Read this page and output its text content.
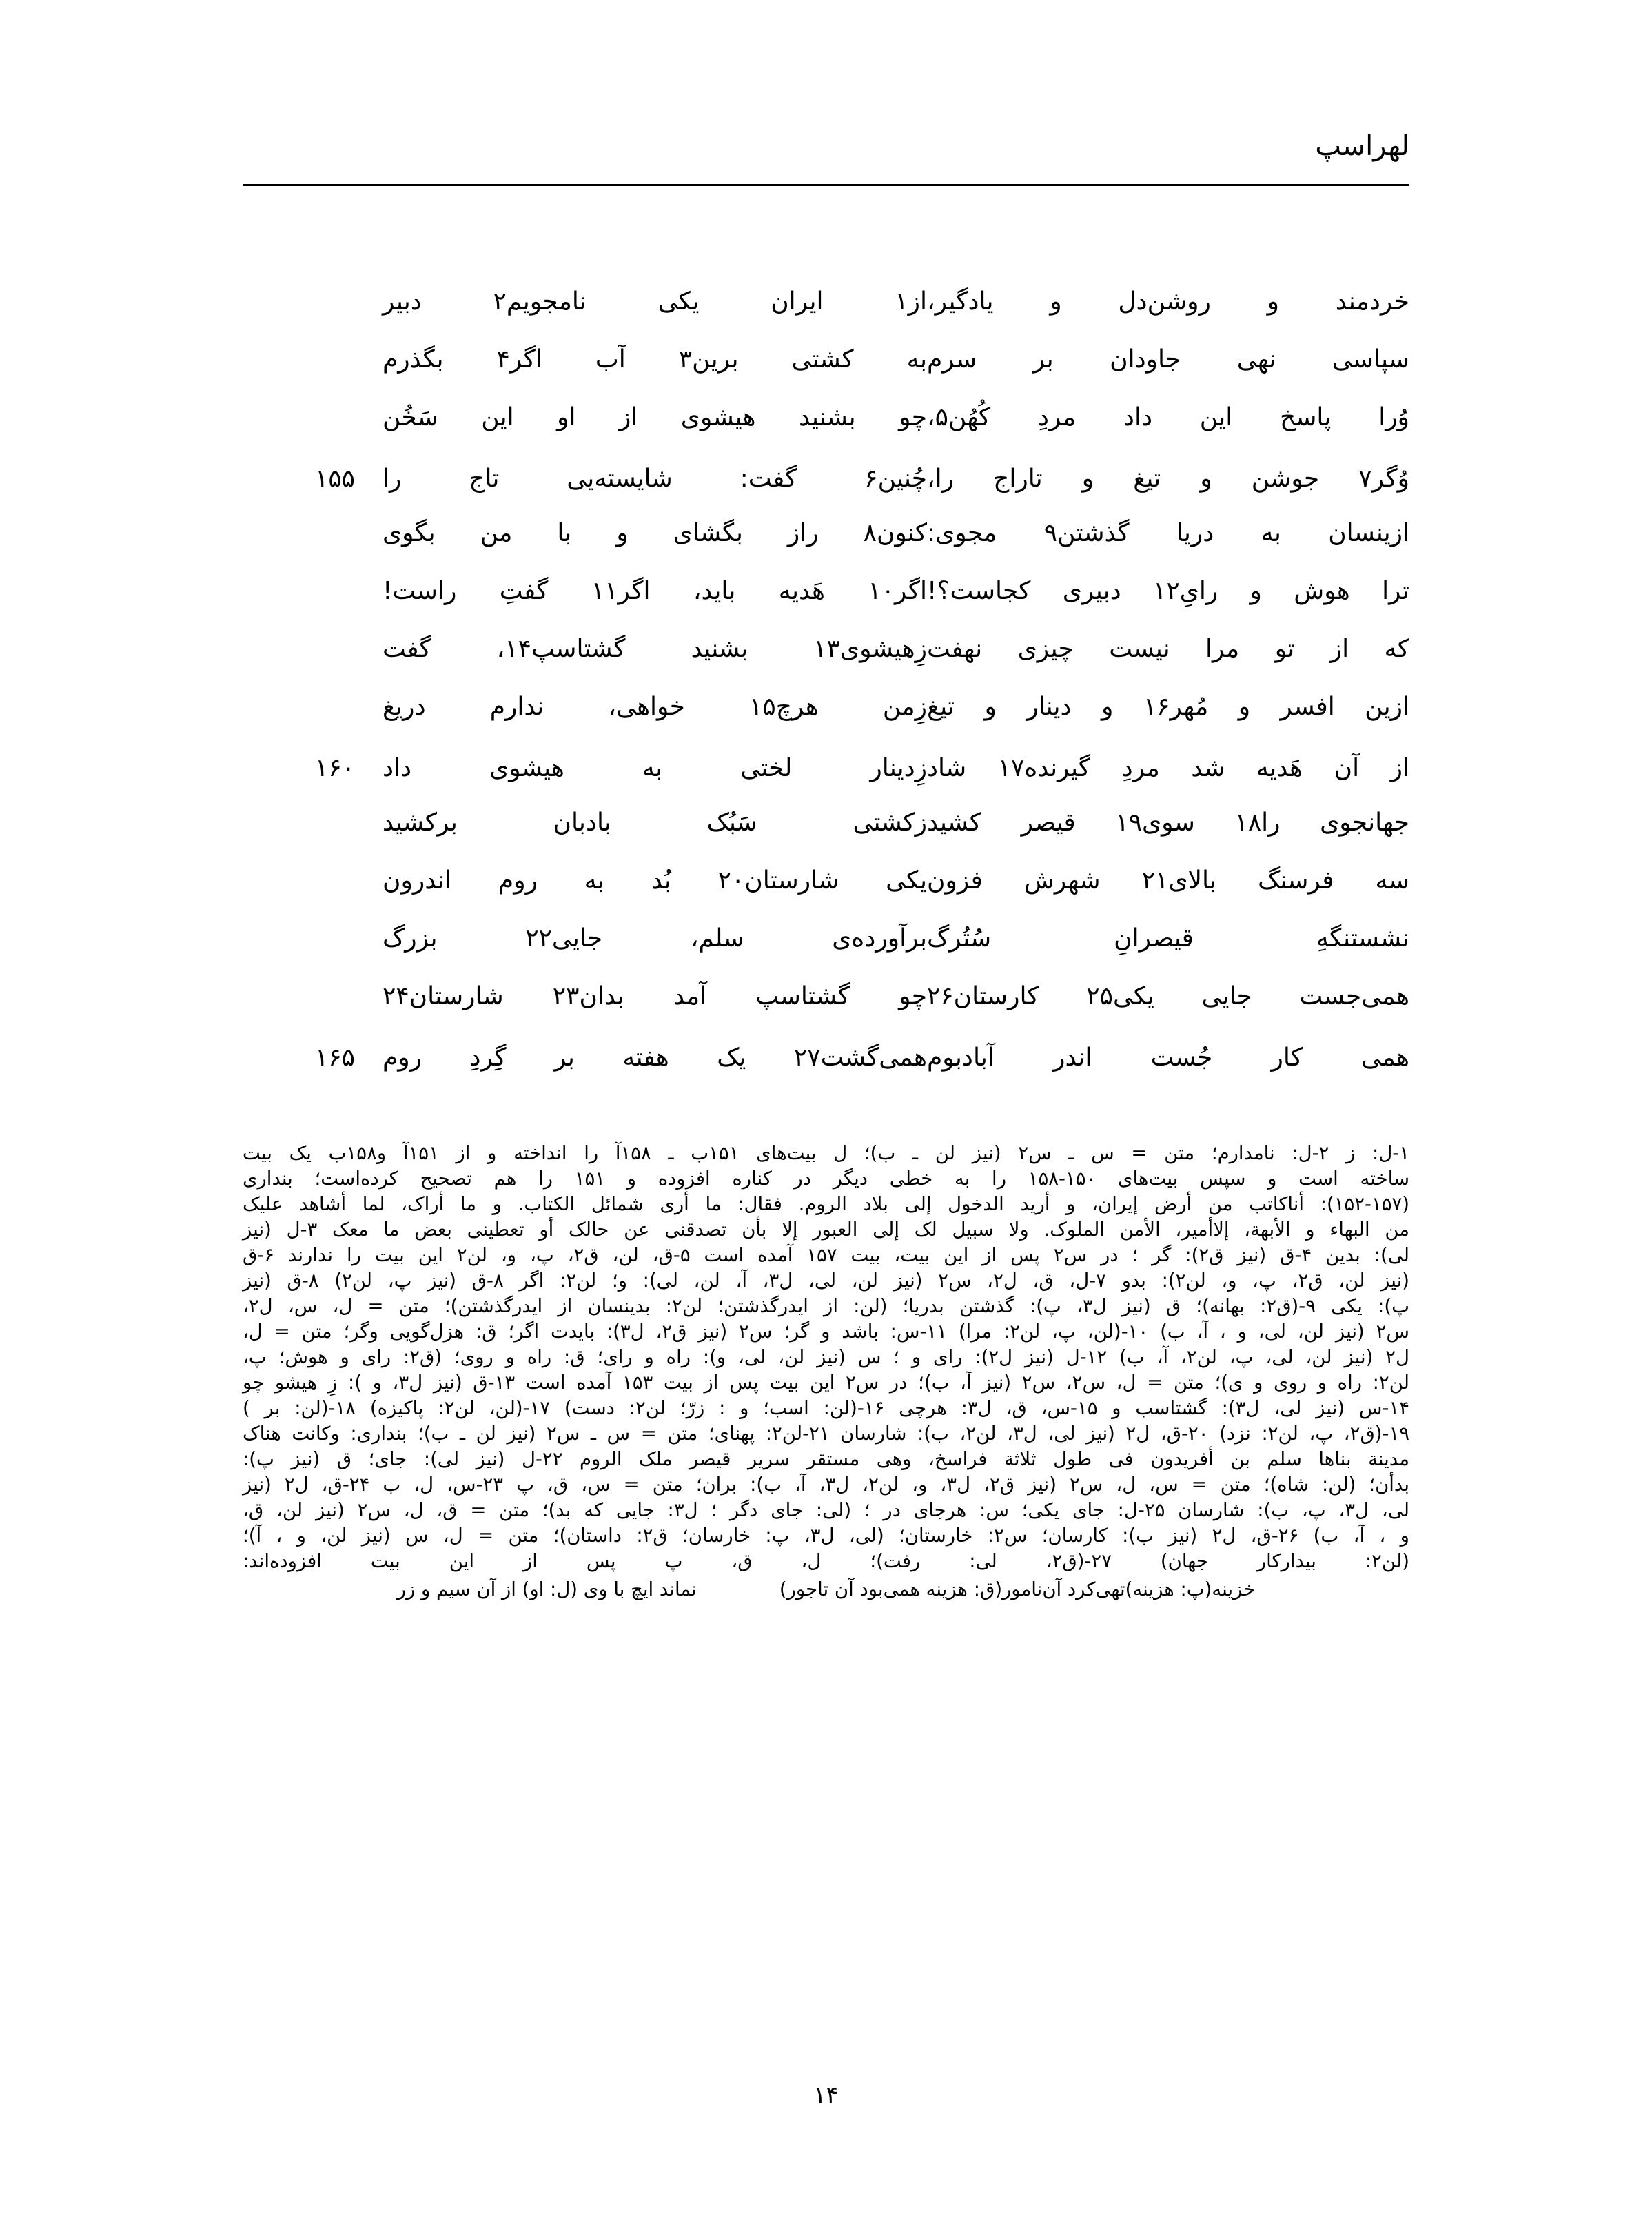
لهراسپ
خردمند و روشن‌دل و یادگیر،
از۱ ایران یکی نامجویم۲ دبیر
سپاسی نهی جاودان بر سرم
به کشتی برین۳ آب اگر۴ بگذرم
وُرا پاسخ این داد مردِ کُهُن۵،
چو بشنید هیشوی از او این سَخُن
وُگر۷ جوشن و تیغ و تاراج را،
چُنین۶ گفت: شایسته‌یی تاج را
۱۵۵
ازینسان به دریا گذشتن۹ مجوی:
کنون۸ راز بگشای و با من بگوی
ترا هوش و رایِ۱۲ دبیری کجاست؟!
اگر۱۰ هَدیه باید، اگر۱۱ گفتِ راست!
که از تو مرا نیست چیزی نهفت
زِهیشوی۱۳ بشنید گشتاسپ۱۴، گفت
ازین افسر و مُهر۱۶ و دینار و تیغ
زِمن هرچ۱۵ خواهی، ندارم دریغ
از آن هَدیه شد مردِ گیرنده۱۷ شاد
زِدینار لختی به هیشوی داد
۱۶۰
جهانجوی را۱۸ سوی۱۹ قیصر کشید
زکشتی سَبُک بادبان برکشید
سه فرسنگ بالای۲۱ شهرش فزون
یکی شارستان۲۰ بُد به روم اندرون
نشستنگهِ قیصرانِ سُتُرگ
برآورده‌ی سلم، جایی۲۲ بزرگ
همی‌جست جایی یکی۲۵ کارستان۲۶
چو گشتاسپ آمد بدان۲۳ شارستان۲۴
همی کار جُست اندر آبادبوم
همی‌گشت۲۷ یک هفته بر گِردِ روم
۱۶۵
۱-ل: ز ۲-ل: نامدارم؛ متن = س ـ س۲ (نیز لن ـ ب)؛ ل بیت‌های ۱۵۱ب ـ ۱۵۸آ را انداخته و از ۱۵۱آ و۱۵۸ب یک بیت
ساخته است و سپس بیت‌های ۱۵۰-۱۵۸ را به خطی دیگر در کناره افزوده و ۱۵۱ را هم تصحیح کرده‌است؛ بنداری
(۱۵۲-۱۵۷): أناکاتب من أرض إیران، و أرید الدخول إلی بلاد الروم. فقال: ما أری شمائل الکتاب. و ما أراک، لما أشاهد علیک
من البهاء و الأبهة، إلاأمیر، الأمن الملوک. ولا سبیل لک إلی العبور إلا بأن تصدقنی عن حالک أو تعطینی بعض ما معک ۳-ل (نیز
لی): بدین ۴-ق (نیز ق۲): گر ؛ در س۲ پس از این بیت، بیت ۱۵۷ آمده است ۵-ق، لن، ق۲، پ، و، لن۲ این بیت را ندارند ۶-ق
(نیز لن، ق۲، پ، و، لن۲): بدو ۷-ل، ق، ل۲، س۲ (نیز لن، لی، ل۳، آ، لن، لی): و؛ لن۲: اگر ۸-ق (نیز پ، لن۲) ۸-ق (نیز
پ): یکی ۹-(ق۲: بهانه)؛ ق (نیز ل۳، پ): گذشتن بدریا؛ (لن: از ایدرگذشتن؛ لن۲: بدینسان از ایدرگذشتن)؛ متن = ل، س، ل۲،
س۲ (نیز لن، لی، و ، آ، ب) ۱۰-(لن، پ، لن۲: مرا) ۱۱-س: باشد و گر؛ س۲ (نیز ق۲، ل۳): بایدت اگر؛ ق: هزل‌گویی وگر؛ متن = ل،
ل۲ (نیز لن، لی، پ، لن۲، آ، ب) ۱۲-ل (نیز ل۲): رای و ؛ س (نیز لن، لی، و): راه و رای؛ ق: راه و روی؛ (ق۲: رای و هوش؛ پ،
لن۲: راه و روی و ی)؛ متن = ل، س۲، س۲ (نیز آ، ب)؛ در س۲ این بیت پس از بیت ۱۵۳ آمده است ۱۳-ق (نیز ل۳، و ): زِ هیشو چو
۱۴-س (نیز لی، ل۳): گشتاسب و ۱۵-س، ق، ل۳: هرچی ۱۶-(لن: اسب؛ و : زرّ؛ لن۲: دست) ۱۷-(لن، لن۲: پاکیزه) ۱۸-(لن: بر )
۱۹-(ق۲، پ، لن۲: نزد) ۲۰-ق، ل۲ (نیز لی، ل۳، لن۲، ب): شارسان ۲۱-لن۲: پهنای؛ متن = س ـ س۲ (نیز لن ـ ب)؛ بنداری: وکانت هناک
مدینة بناها سلم بن أفریدون فی طول ثلاثة فراسخ، وهی مستقر سریر قیصر ملک الروم ۲۲-ل (نیز لی): جای؛ ق (نیز پ):
بدأن؛ (لن: شاه)؛ متن = س، ل، س۲ (نیز ق۲، ل۳، و، لن۲، ل۳، آ، ب): بران؛ متن = س، ق، پ ۲۳-س، ل، ب ۲۴-ق، ل۲ (نیز
لی، ل۳، پ، ب): شارسان ۲۵-ل: جای یکی؛ س: هرجای در ؛ (لی: جای دگر ؛ ل۳: جایی که بد)؛ متن = ق، ل، س۲ (نیز لن، ق،
و ، آ، ب) ۲۶-ق، ل۲ (نیز ب): کارسان؛ س۲: خارستان؛ (لی، ل۳، پ: خارسان؛ ق۲: داستان)؛ متن = ل، س (نیز لن، و ، آ)؛
(لن۲: بیدارکار جهان) ۲۷-(ق۲، لی: رفت)؛ ل، ق، پ پس از این بیت افزوده‌اند:
خزینه(پ: هزینه)تهی‌کرد آن‌نامور(ق: هزینه همی‌بود آن تاجور)
نماند ایچ با وی (ل: او) از آن سیم و زر
۱۴
